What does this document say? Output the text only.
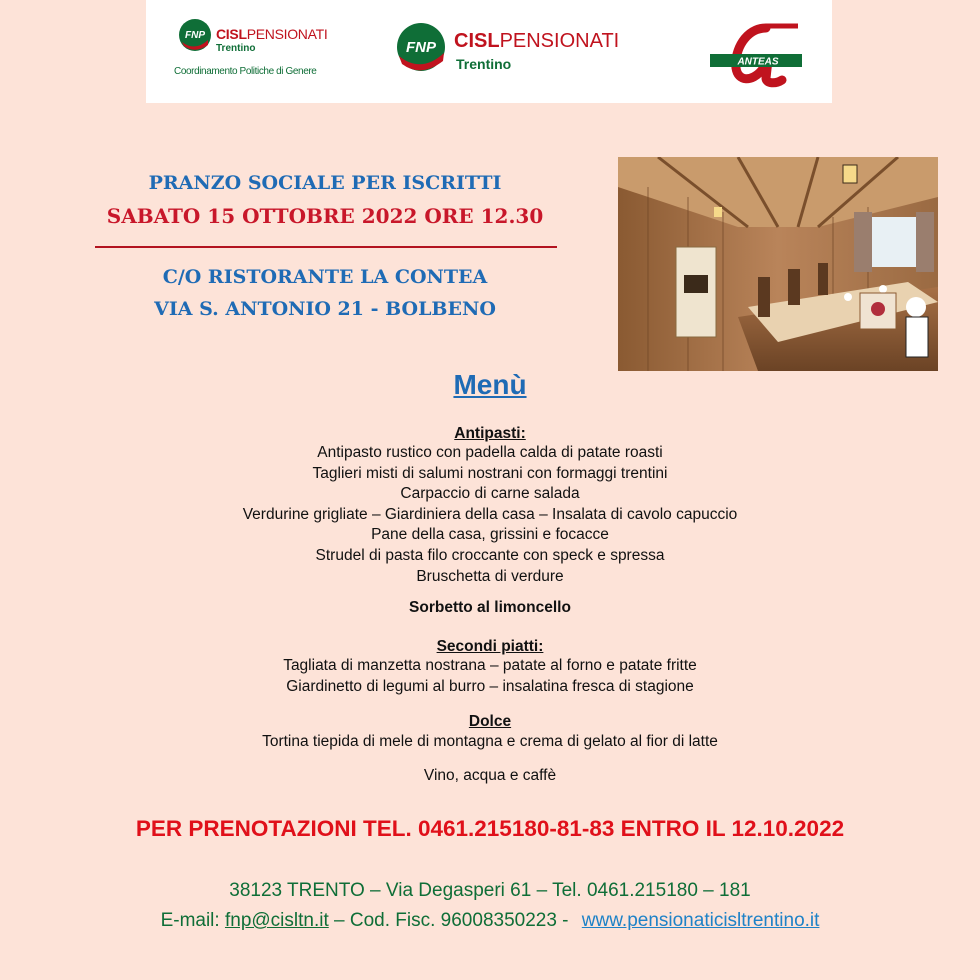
FNP CISLPENSIONATI
Trentino
Coordinamento Politiche di Genere
FNP CISLPENSIONATI
Trentino	ANTEAS
PRANZO SOCIALE PER ISCRITTI
SABATO 15 OTTOBRE 2022 ORE 12.30
C/O RISTORANTE LA CONTEA
VIA S. ANTONIO 21 - BOLBENO
Menù
Antipasti:
Antipasto rustico con padella calda di patate roasti
Taglieri misti di salumi nostrani con formaggi trentini
Carpaccio di carne salada
Verdurine grigliate – Giardiniera della casa – Insalata di cavolo capuccio
Pane della casa, grissini e focacce
Strudel di pasta filo croccante con speck e spressa
Bruschetta di verdure
Sorbetto al limoncello
Secondi piatti:
Tagliata di manzetta nostrana – patate al forno e patate fritte
Giardinetto di legumi al burro – insalatina fresca di stagione
Dolce
Tortina tiepida di mele di montagna e crema di gelato al fior di latte
Vino, acqua e caffè
PER PRENOTAZIONI TEL. 0461.215180-81-83 ENTRO IL 12.10.2022
38123 TRENTO – Via Degasperi 61 – Tel. 0461.215180 – 181
E-mail: fnp@cisltn.it – Cod. Fisc. 96008350223 - www.pensionaticisltrentino.it
